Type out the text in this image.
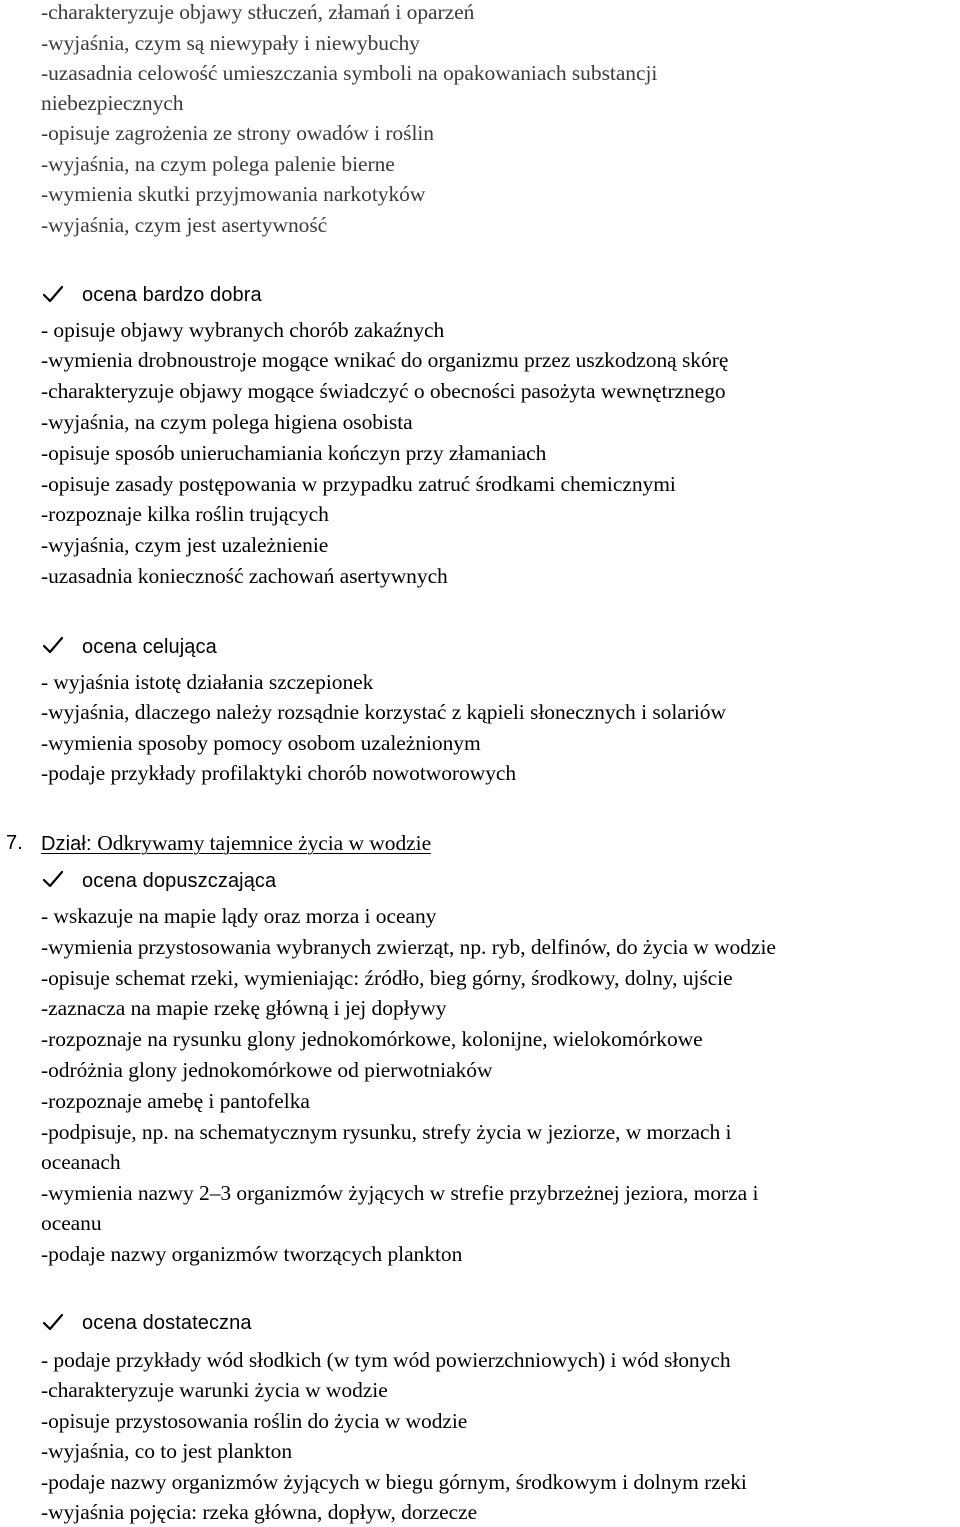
-charakteryzuje objawy stłuczeń, złamań i oparzeń
-wyjaśnia, czym są niewypały i niewybuchy
-uzasadnia celowość umieszczania symboli na opakowaniach substancji
niebezpiecznych
-opisuje zagrożenia ze strony owadów i roślin
-wyjaśnia, na czym polega palenie bierne
-wymienia skutki przyjmowania narkotyków
-wyjaśnia, czym jest asertywność
ocena bardzo dobra
- opisuje objawy wybranych chorób zakaźnych
-wymienia drobnoustroje mogące wnikać do organizmu przez uszkodzoną skórę
-charakteryzuje objawy mogące świadczyć o obecności pasożyta wewnętrznego
-wyjaśnia, na czym polega higiena osobista
-opisuje sposób unieruchamiania kończyn przy złamaniach
-opisuje zasady postępowania w przypadku zatruć środkami chemicznymi
-rozpoznaje kilka roślin trujących
-wyjaśnia, czym jest uzależnienie
-uzasadnia konieczność zachowań asertywnych
ocena celująca
- wyjaśnia istotę działania szczepionek
-wyjaśnia, dlaczego należy rozsądnie korzystać z kąpieli słonecznych i solariów
-wymienia sposoby pomocy osobom uzależnionym
-podaje przykłady profilaktyki chorób nowotworowych
7. Dział: Odkrywamy tajemnice życia w wodzie
ocena dopuszczająca
- wskazuje na mapie lądy oraz morza i oceany
-wymienia przystosowania wybranych zwierząt, np. ryb, delfinów, do życia w wodzie
-opisuje schemat rzeki, wymieniając: źródło, bieg górny, środkowy, dolny, ujście
-zaznacza na mapie rzekę główną i jej dopływy
-rozpoznaje na rysunku glony jednokomórkowe, kolonijne, wielokomórkowe
-odróżnia glony jednokomórkowe od pierwotniaków
-rozpoznaje amebę i pantofelka
-podpisuje, np. na schematycznym rysunku, strefy życia w jeziorze, w morzach i
oceanach
-wymienia nazwy 2–3 organizmów żyjących w strefie przybrzeżnej jeziora, morza i
oceanu
-podaje nazwy organizmów tworzących plankton
ocena dostateczna
- podaje przykłady wód słodkich (w tym wód powierzchniowych) i wód słonych
-charakteryzuje warunki życia w wodzie
-opisuje przystosowania roślin do życia w wodzie
-wyjaśnia, co to jest plankton
-podaje nazwy organizmów żyjących w biegu górnym, środkowym i dolnym rzeki
-wyjaśnia pojęcia: rzeka główna, dopływ, dorzecze
